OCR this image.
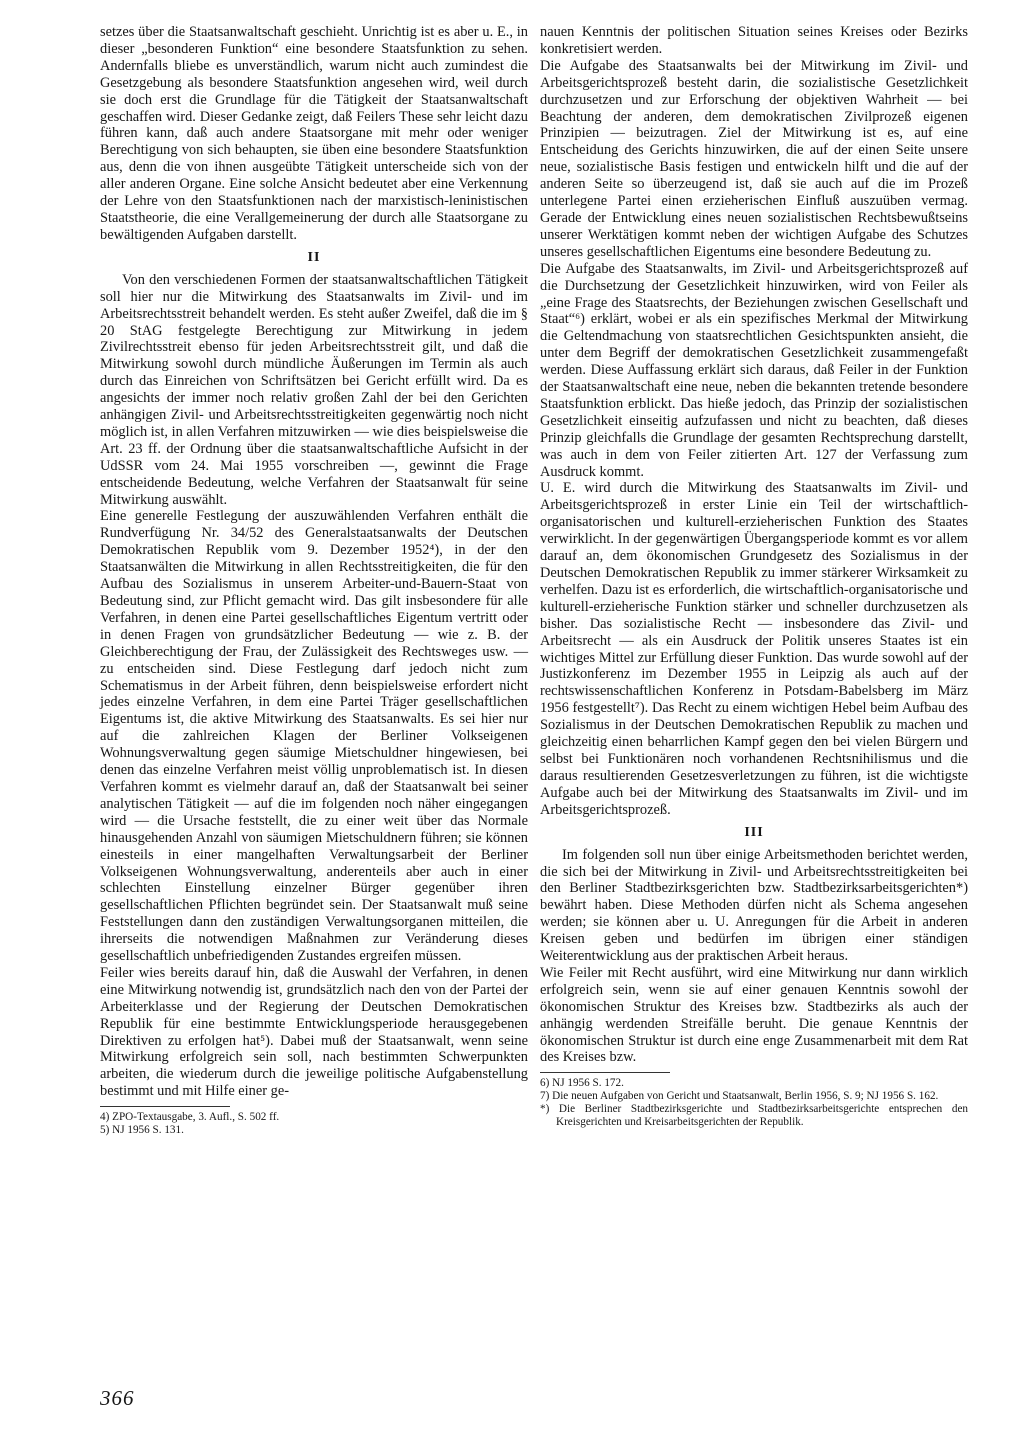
setzes über die Staatsanwaltschaft geschieht. Unrichtig ist es aber u. E., in dieser „besonderen Funktion“ eine besondere Staatsfunktion zu sehen. Andernfalls bliebe es unverständlich, warum nicht auch zumindest die Gesetzgebung als besondere Staatsfunktion angesehen wird, weil durch sie doch erst die Grundlage für die Tätigkeit der Staatsanwaltschaft geschaffen wird. Dieser Gedanke zeigt, daß Feilers These sehr leicht dazu führen kann, daß auch andere Staatsorgane mit mehr oder weniger Berechtigung von sich behaupten, sie üben eine besondere Staatsfunktion aus, denn die von ihnen ausgeübte Tätigkeit unterscheide sich von der aller anderen Organe. Eine solche Ansicht bedeutet aber eine Verkennung der Lehre von den Staatsfunktionen nach der marxistisch-leninistischen Staatstheorie, die eine Verallgemeinerung der durch alle Staatsorgane zu bewältigenden Aufgaben darstellt.

II

Von den verschiedenen Formen der staatsanwaltschaftlichen Tätigkeit soll hier nur die Mitwirkung des Staatsanwalts im Zivil- und im Arbeitsrechtsstreit behandelt werden. Es steht außer Zweifel, daß die im § 20 StAG festgelegte Berechtigung zur Mitwirkung in jedem Zivilrechtsstreit ebenso für jeden Arbeitsrechtsstreit gilt, und daß die Mitwirkung sowohl durch mündliche Äußerungen im Termin als auch durch das Einreichen von Schriftsätzen bei Gericht erfüllt wird. Da es angesichts der immer noch relativ großen Zahl der bei den Gerichten anhängigen Zivil- und Arbeitsrechtsstreitigkeiten gegenwärtig noch nicht möglich ist, in allen Verfahren mitzuwirken — wie dies beispielsweise die Art. 23 ff. der Ordnung über die staatsanwaltschaftliche Aufsicht in der UdSSR vom 24. Mai 1955 vorschreiben —, gewinnt die Frage entscheidende Bedeutung, welche Verfahren der Staatsanwalt für seine Mitwirkung auswählt.

Eine generelle Festlegung der auszuwählenden Verfahren enthält die Rundverfügung Nr. 34/52 des Generalstaatsanwalts der Deutschen Demokratischen Republik vom 9. Dezember 1952⁴), in der den Staatsanwälten die Mitwirkung in allen Rechtsstreitigkeiten, die für den Aufbau des Sozialismus in unserem Arbeiter-und-Bauern-Staat von Bedeutung sind, zur Pflicht gemacht wird. Das gilt insbesondere für alle Verfahren, in denen eine Partei gesellschaftliches Eigentum vertritt oder in denen Fragen von grundsätzlicher Bedeutung — wie z. B. der Gleichberechtigung der Frau, der Zulässigkeit des Rechtsweges usw. — zu entscheiden sind. Diese Festlegung darf jedoch nicht zum Schematismus in der Arbeit führen, denn beispielsweise erfordert nicht jedes einzelne Verfahren, in dem eine Partei Träger gesellschaftlichen Eigentums ist, die aktive Mitwirkung des Staatsanwalts. Es sei hier nur auf die zahlreichen Klagen der Berliner Volkseigenen Wohnungsverwaltung gegen säumige Mietschuldner hingewiesen, bei denen das einzelne Verfahren meist völlig unproblematisch ist. In diesen Verfahren kommt es vielmehr darauf an, daß der Staatsanwalt bei seiner analytischen Tätigkeit — auf die im folgenden noch näher eingegangen wird — die Ursache feststellt, die zu einer weit über das Normale hinausgehenden Anzahl von säumigen Mietschuldnern führen; sie können einesteils in einer mangelhaften Verwaltungsarbeit der Berliner Volkseigenen Wohnungsverwaltung, anderenteils aber auch in einer schlechten Einstellung einzelner Bürger gegenüber ihren gesellschaftlichen Pflichten begründet sein. Der Staatsanwalt muß seine Feststellungen dann den zuständigen Verwaltungsorganen mitteilen, die ihrerseits die notwendigen Maßnahmen zur Veränderung dieses gesellschaftlich unbefriedigenden Zustandes ergreifen müssen.

Feiler wies bereits darauf hin, daß die Auswahl der Verfahren, in denen eine Mitwirkung notwendig ist, grundsätzlich nach den von der Partei der Arbeiterklasse und der Regierung der Deutschen Demokratischen Republik für eine bestimmte Entwicklungsperiode herausgegebenen Direktiven zu erfolgen hat⁵). Dabei muß der Staatsanwalt, wenn seine Mitwirkung erfolgreich sein soll, nach bestimmten Schwerpunkten arbeiten, die wiederum durch die jeweilige politische Aufgabenstellung bestimmt und mit Hilfe einer ge-

4) ZPO-Textausgabe, 3. Aufl., S. 502 ff.

5) NJ 1956 S. 131.

nauen Kenntnis der politischen Situation seines Kreises oder Bezirks konkretisiert werden.

Die Aufgabe des Staatsanwalts bei der Mitwirkung im Zivil- und Arbeitsgerichtsprozeß besteht darin, die sozialistische Gesetzlichkeit durchzusetzen und zur Erforschung der objektiven Wahrheit — bei Beachtung der anderen, dem demokratischen Zivilprozeß eigenen Prinzipien — beizutragen. Ziel der Mitwirkung ist es, auf eine Entscheidung des Gerichts hinzuwirken, die auf der einen Seite unsere neue, sozialistische Basis festigen und entwickeln hilft und die auf der anderen Seite so überzeugend ist, daß sie auch auf die im Prozeß unterlegene Partei einen erzieherischen Einfluß auszuüben vermag. Gerade der Entwicklung eines neuen sozialistischen Rechtsbewußtseins unserer Werktätigen kommt neben der wichtigen Aufgabe des Schutzes unseres gesellschaftlichen Eigentums eine besondere Bedeutung zu.

Die Aufgabe des Staatsanwalts, im Zivil- und Arbeitsgerichtsprozeß auf die Durchsetzung der Gesetzlichkeit hinzuwirken, wird von Feiler als „eine Frage des Staatsrechts, der Beziehungen zwischen Gesellschaft und Staat“⁶) erklärt, wobei er als ein spezifisches Merkmal der Mitwirkung die Geltendmachung von staatsrechtlichen Gesichtspunkten ansieht, die unter dem Begriff der demokratischen Gesetzlichkeit zusammengefaßt werden. Diese Auffassung erklärt sich daraus, daß Feiler in der Funktion der Staatsanwaltschaft eine neue, neben die bekannten tretende besondere Staatsfunktion erblickt. Das hieße jedoch, das Prinzip der sozialistischen Gesetzlichkeit einseitig aufzufassen und nicht zu beachten, daß dieses Prinzip gleichfalls die Grundlage der gesamten Rechtsprechung darstellt, was auch in dem von Feiler zitierten Art. 127 der Verfassung zum Ausdruck kommt.

U. E. wird durch die Mitwirkung des Staatsanwalts im Zivil- und Arbeitsgerichtsprozeß in erster Linie ein Teil der wirtschaftlich-organisatorischen und kulturell-erzieherischen Funktion des Staates verwirklicht. In der gegenwärtigen Übergangsperiode kommt es vor allem darauf an, dem ökonomischen Grundgesetz des Sozialismus in der Deutschen Demokratischen Republik zu immer stärkerer Wirksamkeit zu verhelfen. Dazu ist es erforderlich, die wirtschaftlich-organisatorische und kulturell-erzieherische Funktion stärker und schneller durchzusetzen als bisher. Das sozialistische Recht — insbesondere das Zivil- und Arbeitsrecht — als ein Ausdruck der Politik unseres Staates ist ein wichtiges Mittel zur Erfüllung dieser Funktion. Das wurde sowohl auf der Justizkonferenz im Dezember 1955 in Leipzig als auch auf der rechtswissenschaftlichen Konferenz in Potsdam-Babelsberg im März 1956 festgestellt⁷). Das Recht zu einem wichtigen Hebel beim Aufbau des Sozialismus in der Deutschen Demokratischen Republik zu machen und gleichzeitig einen beharrlichen Kampf gegen den bei vielen Bürgern und selbst bei Funktionären noch vorhandenen Rechtsnihilismus und die daraus resultierenden Gesetzesverletzungen zu führen, ist die wichtigste Aufgabe auch bei der Mitwirkung des Staatsanwalts im Zivil- und im Arbeitsgerichtsprozeß.

III

Im folgenden soll nun über einige Arbeitsmethoden berichtet werden, die sich bei der Mitwirkung in Zivil- und Arbeitsrechtsstreitigkeiten bei den Berliner Stadtbezirksgerichten bzw. Stadtbezirksarbeitsgerichten*) bewährt haben. Diese Methoden dürfen nicht als Schema angesehen werden; sie können aber u. U. Anregungen für die Arbeit in anderen Kreisen geben und bedürfen im übrigen einer ständigen Weiterentwicklung aus der praktischen Arbeit heraus.

Wie Feiler mit Recht ausführt, wird eine Mitwirkung nur dann wirklich erfolgreich sein, wenn sie auf einer genauen Kenntnis sowohl der ökonomischen Struktur des Kreises bzw. Stadtbezirks als auch der anhängig werdenden Streifälle beruht. Die genaue Kenntnis der ökonomischen Struktur ist durch eine enge Zusammenarbeit mit dem Rat des Kreises bzw.

6) NJ 1956 S. 172.

7) Die neuen Aufgaben von Gericht und Staatsanwalt, Berlin 1956, S. 9; NJ 1956 S. 162.

*) Die Berliner Stadtbezirksgerichte und Stadtbezirksarbeitsgerichte entsprechen den Kreisgerichten und Kreisarbeitsgerichten der Republik.

366
